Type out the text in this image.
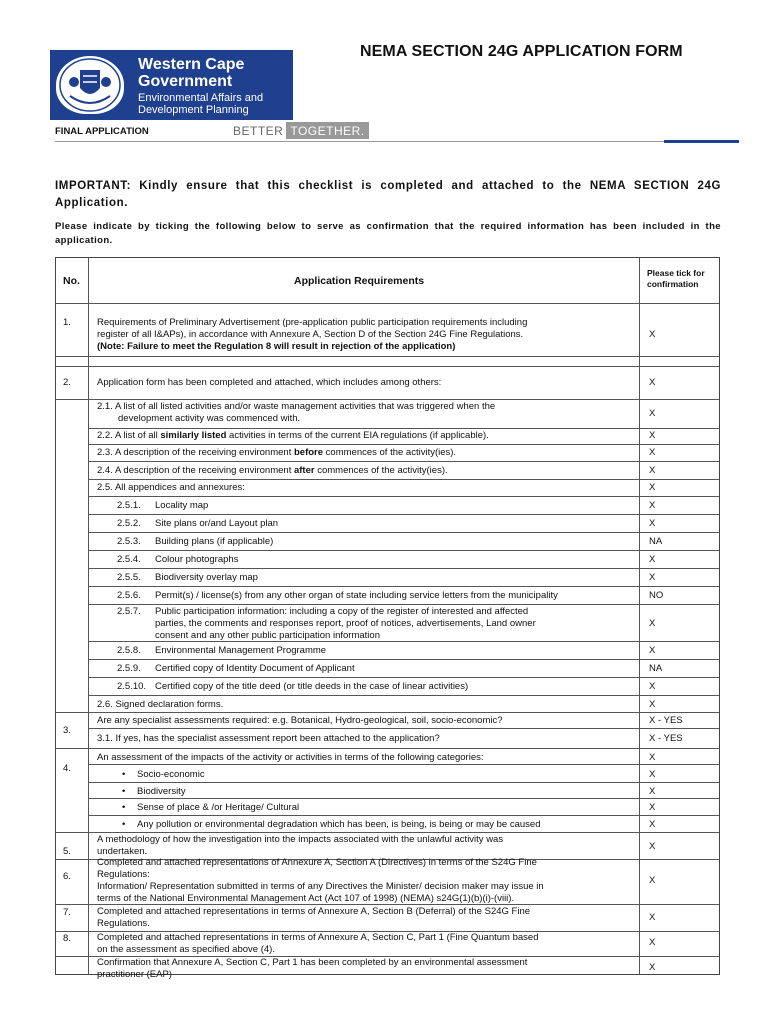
Western Cape
Government
Environmental Affairs and
Development Planning
BETTER TOGETHER.
NEMA SECTION 24G APPLICATION FORM
FINAL APPLICATION
IMPORTANT: Kindly ensure that this checklist is completed and attached to the NEMA SECTION 24G Application.
Please indicate by ticking the following below to serve as confirmation that the required information has been included in the application.
No.	Application Requirements
Please tick for
confirmation
1.	Requirements of Preliminary Advertisement (pre-application public participation requirements including
register of all I&APs), in accordance with Annexure A, Section D of the Section 24G Fine Regulations.
(Note: Failure to meet the Regulation 8 will result in rejection of the application)
X
2.	Application form has been completed and attached, which includes among others:	X
2.1. A list of all listed activities and/or waste management activities that was triggered when the
development activity was commenced with.	X
2.2. A list of all similarly listed activities in terms of the current EIA regulations (if applicable).	X
2.3. A description of the receiving environment before commences of the activity(ies).	X
2.4. A description of the receiving environment after commences of the activity(ies).	X
2.5. All appendices and annexures:	X
2.5.1. Locality map	X
2.5.2. Site plans or/and Layout plan	X
2.5.3. Building plans (if applicable)	NA
2.5.4. Colour photographs	X
2.5.5. Biodiversity overlay map	X
2.5.6. Permit(s) / license(s) from any other organ of state including service letters from the municipality	NO
2.5.7. Public participation information: including a copy of the register of interested and affected
parties, the comments and responses report, proof of notices, advertisements, Land owner
consent and any other public participation information
X
2.5.8. Environmental Management Programme	X
2.5.9. Certified copy of Identity Document of Applicant	NA
2.5.10. Certified copy of the title deed (or title deeds in the case of linear activities)	X
2.6. Signed declaration forms.	X
3.
Are any specialist assessments required: e.g. Botanical, Hydro-geological, soil, socio-economic?	X - YES
3.1. If yes, has the specialist assessment report been attached to the application?	X - YES
4.
An assessment of the impacts of the activity or activities in terms of the following categories:	X
• Socio-economic	X
• Biodiversity	X
• Sense of place & /or Heritage/ Cultural	X
• Any pollution or environmental degradation which has been, is being, is being or may be caused	X
5.
A methodology of how the investigation into the impacts associated with the unlawful activity was
undertaken.	X
6.
Completed and attached representations of Annexure A, Section A (Directives) in terms of the S24G Fine
Regulations:
Information/ Representation submitted in terms of any Directives the Minister/ decision maker may issue in
terms of the National Environmental Management Act (Act 107 of 1998) (NEMA) s24G(1)(b)(i)-(viii).
X
7.	Completed and attached representations in terms of Annexure A, Section B (Deferral) of the S24G Fine
Regulations.
X
8.	Completed and attached representations in terms of Annexure A, Section C, Part 1 (Fine Quantum based
on the assessment as specified above (4).
X
Confirmation that Annexure A, Section C, Part 1 has been completed by an environmental assessment
practitioner (EAP)
X
